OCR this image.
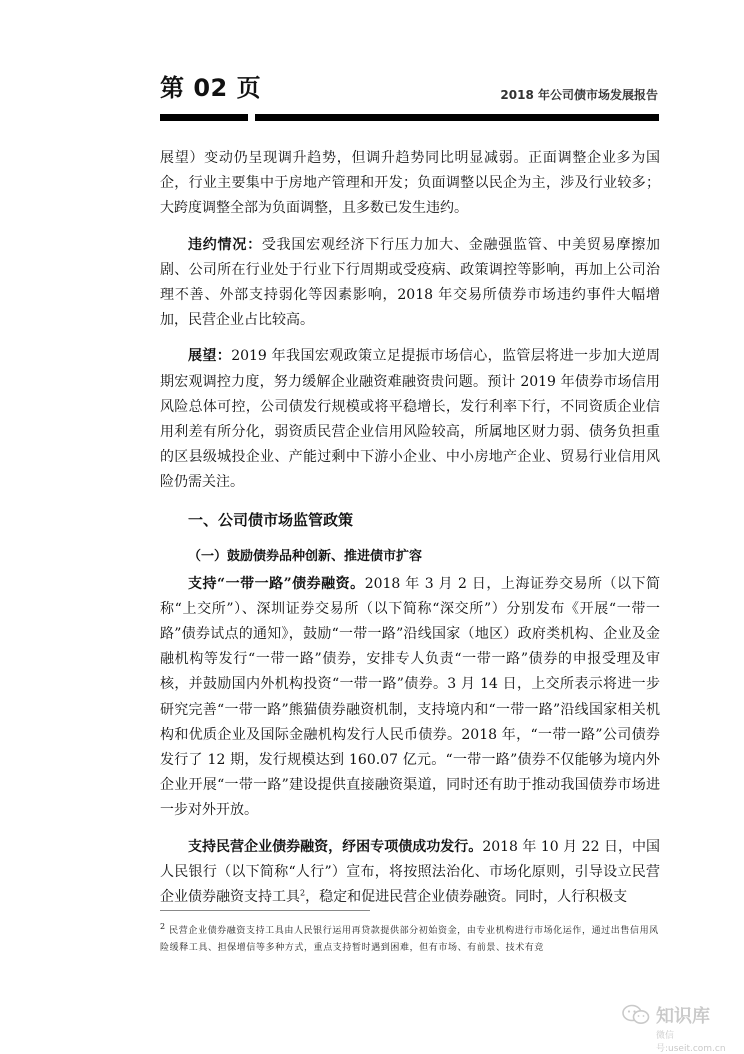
第 02 页	2018 年公司债市场发展报告

展望）变动仍呈现调升趋势，但调升趋势同比明显减弱。正面调整企业多为国企，行业主要集中于房地产管理和开发；负面调整以民企为主，涉及行业较多；大跨度调整全部为负面调整，且多数已发生违约。

违约情况：受我国宏观经济下行压力加大、金融强监管、中美贸易摩擦加剧、公司所在行业处于行业下行周期或受疫病、政策调控等影响，再加上公司治理不善、外部支持弱化等因素影响，2018 年交易所债券市场违约事件大幅增加，民营企业占比较高。

展望：2019 年我国宏观政策立足提振市场信心，监管层将进一步加大逆周期宏观调控力度，努力缓解企业融资难融资贵问题。预计 2019 年债券市场信用风险总体可控，公司债发行规模或将平稳增长，发行利率下行，不同资质企业信用利差有所分化，弱资质民营企业信用风险较高，所属地区财力弱、债务负担重的区县级城投企业、产能过剩中下游小企业、中小房地产企业、贸易行业信用风险仍需关注。

一、公司债市场监管政策
（一）鼓励债券品种创新、推进债市扩容

支持“一带一路”债券融资。2018 年 3 月 2 日，上海证券交易所（以下简称“上交所”）、深圳证券交易所（以下简称“深交所”）分别发布《开展“一带一路”债券试点的通知》，鼓励“一带一路”沿线国家（地区）政府类机构、企业及金融机构等发行“一带一路”债券，安排专人负责“一带一路”债券的申报受理及审核，并鼓励国内外机构投资“一带一路”债券。3 月 14 日，上交所表示将进一步研究完善“一带一路”熊猫债券融资机制，支持境内和“一带一路”沿线国家相关机构和优质企业及国际金融机构发行人民币债券。2018 年，“一带一路”公司债券发行了 12 期，发行规模达到 160.07 亿元。“一带一路”债券不仅能够为境内外企业开展“一带一路”建设提供直接融资渠道，同时还有助于推动我国债券市场进一步对外开放。

支持民营企业债券融资，纾困专项债成功发行。2018 年 10 月 22 日，中国人民银行（以下简称“人行”）宣布，将按照法治化、市场化原则，引导设立民营企业债券融资支持工具$^2$，稳定和促进民营企业债券融资。同时，人行积极支

$^2$ 民营企业债券融资支持工具由人民银行运用再贷款提供部分初始资金，由专业机构进行市场化运作，通过出售信用风险缓释工具、担保增信等多种方式，重点支持暂时遇到困难，但有市场、有前景、技术有竞
知识库
微信号:useit.com.cn
